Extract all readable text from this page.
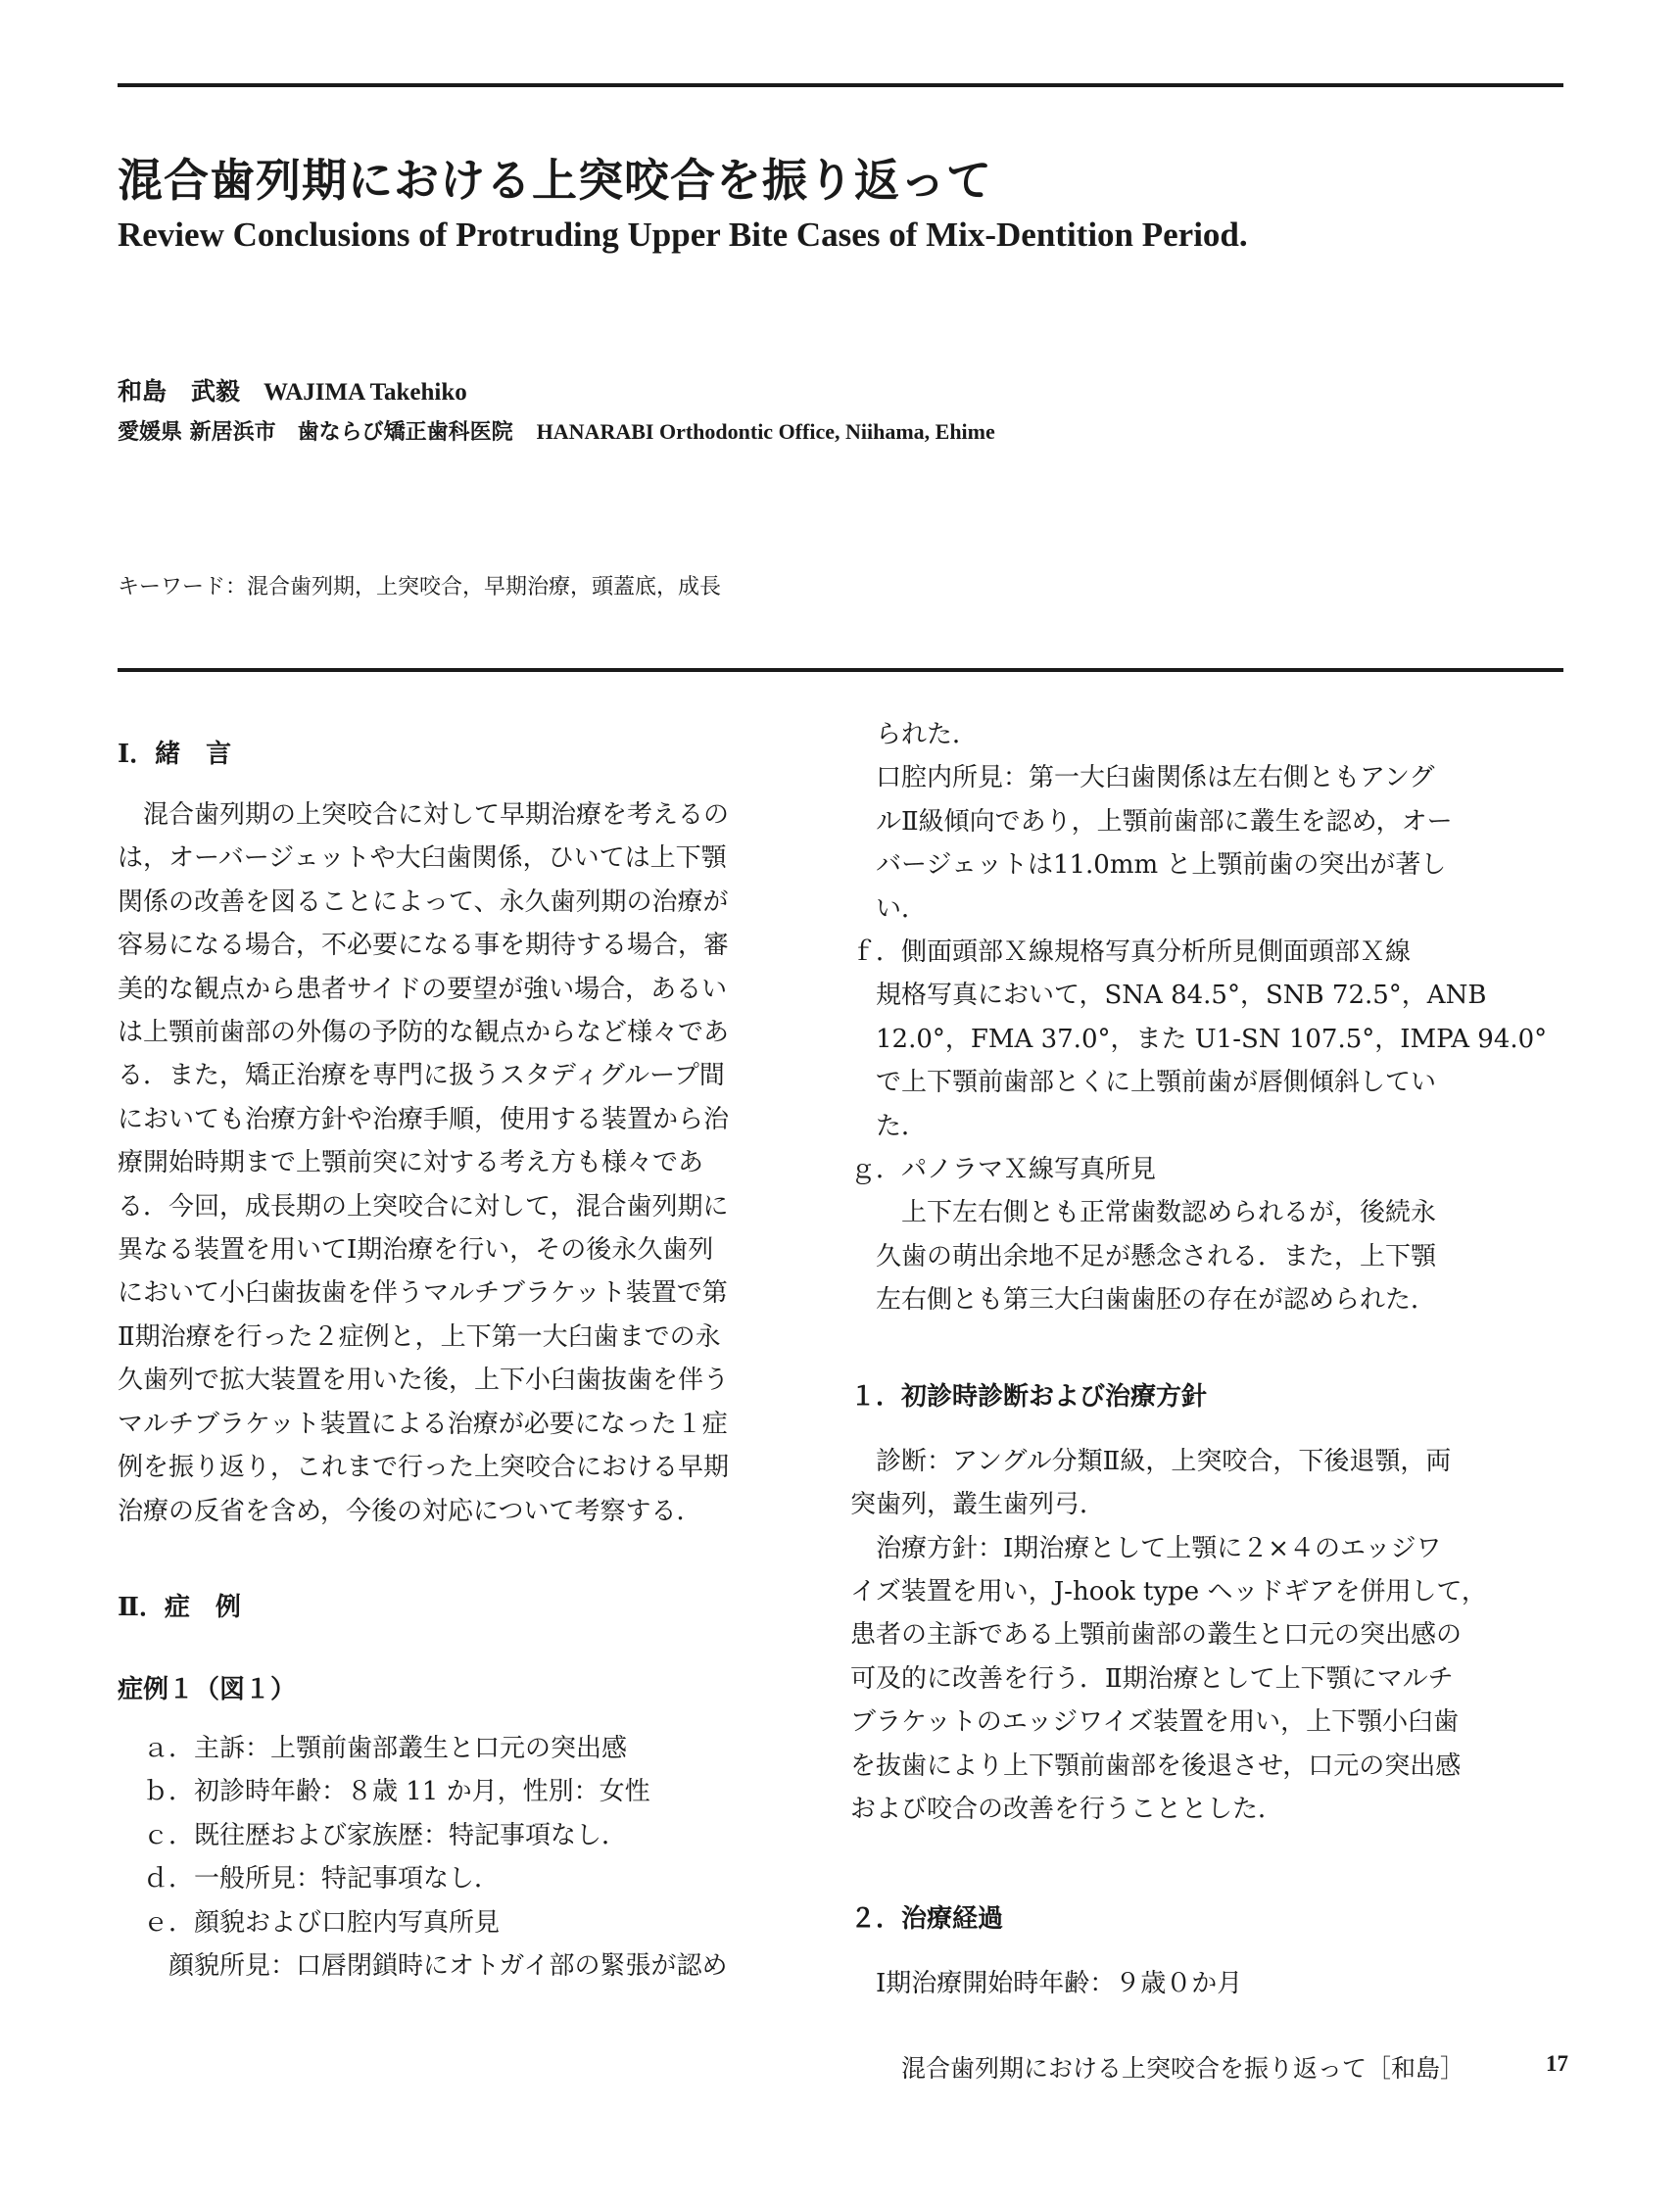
混合歯列期における上突咬合を振り返って
Review Conclusions of Protruding Upper Bite Cases of Mix-Dentition Period.
和島　武毅 WAJIMA Takehiko
愛媛県 新居浜市　歯ならび矯正歯科医院 HANARABI Orthodontic Office, Niihama, Ehime
キーワード：混合歯列期，上突咬合，早期治療，頭蓋底，成長
Ⅰ．緒　言

　混合歯列期の上突咬合に対して早期治療を考えるの

は，オーバージェットや大臼歯関係，ひいては上下顎

関係の改善を図ることによって、永久歯列期の治療が

容易になる場合，不必要になる事を期待する場合，審

美的な観点から患者サイドの要望が強い場合，あるい

は上顎前歯部の外傷の予防的な観点からなど様々であ

る．また，矯正治療を専門に扱うスタディグループ間

においても治療方針や治療手順，使用する装置から治

療開始時期まで上顎前突に対する考え方も様々であ

る．今回，成長期の上突咬合に対して，混合歯列期に

異なる装置を用いてⅠ期治療を行い，その後永久歯列

において小臼歯抜歯を伴うマルチブラケット装置で第

Ⅱ期治療を行った２症例と，上下第一大臼歯までの永

久歯列で拡大装置を用いた後，上下小臼歯抜歯を伴う

マルチブラケット装置による治療が必要になった１症

例を振り返り，これまで行った上突咬合における早期

治療の反省を含め，今後の対応について考察する．

Ⅱ．症　例
症例１（図１）

　ａ．主訴：上顎前歯部叢生と口元の突出感

　ｂ．初診時年齢：８歳 11 か月，性別：女性

　ｃ．既往歴および家族歴：特記事項なし．

　ｄ．一般所見：特記事項なし．

　ｅ．顔貌および口腔内写真所見

　　顔貌所見：口唇閉鎖時にオトガイ部の緊張が認め

　られた．

　口腔内所見：第一大臼歯関係は左右側ともアング

　ルⅡ級傾向であり，上顎前歯部に叢生を認め，オー

　バージェットは11.0mm と上顎前歯の突出が著し

　い．

ｆ．側面頭部Ｘ線規格写真分析所見側面頭部Ｘ線

　規格写真において，SNA 84.5°，SNB 72.5°，ANB

　12.0°，FMA 37.0°，また U1-SN 107.5°，IMPA 94.0°

　で上下顎前歯部とくに上顎前歯が唇側傾斜してい

　た．

ｇ．パノラマＸ線写真所見

　　上下左右側とも正常歯数認められるが，後続永

　久歯の萌出余地不足が懸念される．また，上下顎

　左右側とも第三大臼歯歯胚の存在が認められた．

１．初診時診断および治療方針

　診断：アングル分類Ⅱ級，上突咬合，下後退顎，両

突歯列，叢生歯列弓．

　治療方針：Ⅰ期治療として上顎に２×４のエッジワ

イズ装置を用い，J-hook type ヘッドギアを併用して，

患者の主訴である上顎前歯部の叢生と口元の突出感の

可及的に改善を行う．Ⅱ期治療として上下顎にマルチ

ブラケットのエッジワイズ装置を用い，上下顎小臼歯

を抜歯により上下顎前歯部を後退させ，口元の突出感

および咬合の改善を行うこととした．

２．治療経過

　Ⅰ期治療開始時年齢：９歳０か月

混合歯列期における上突咬合を振り返って［和島］	17
